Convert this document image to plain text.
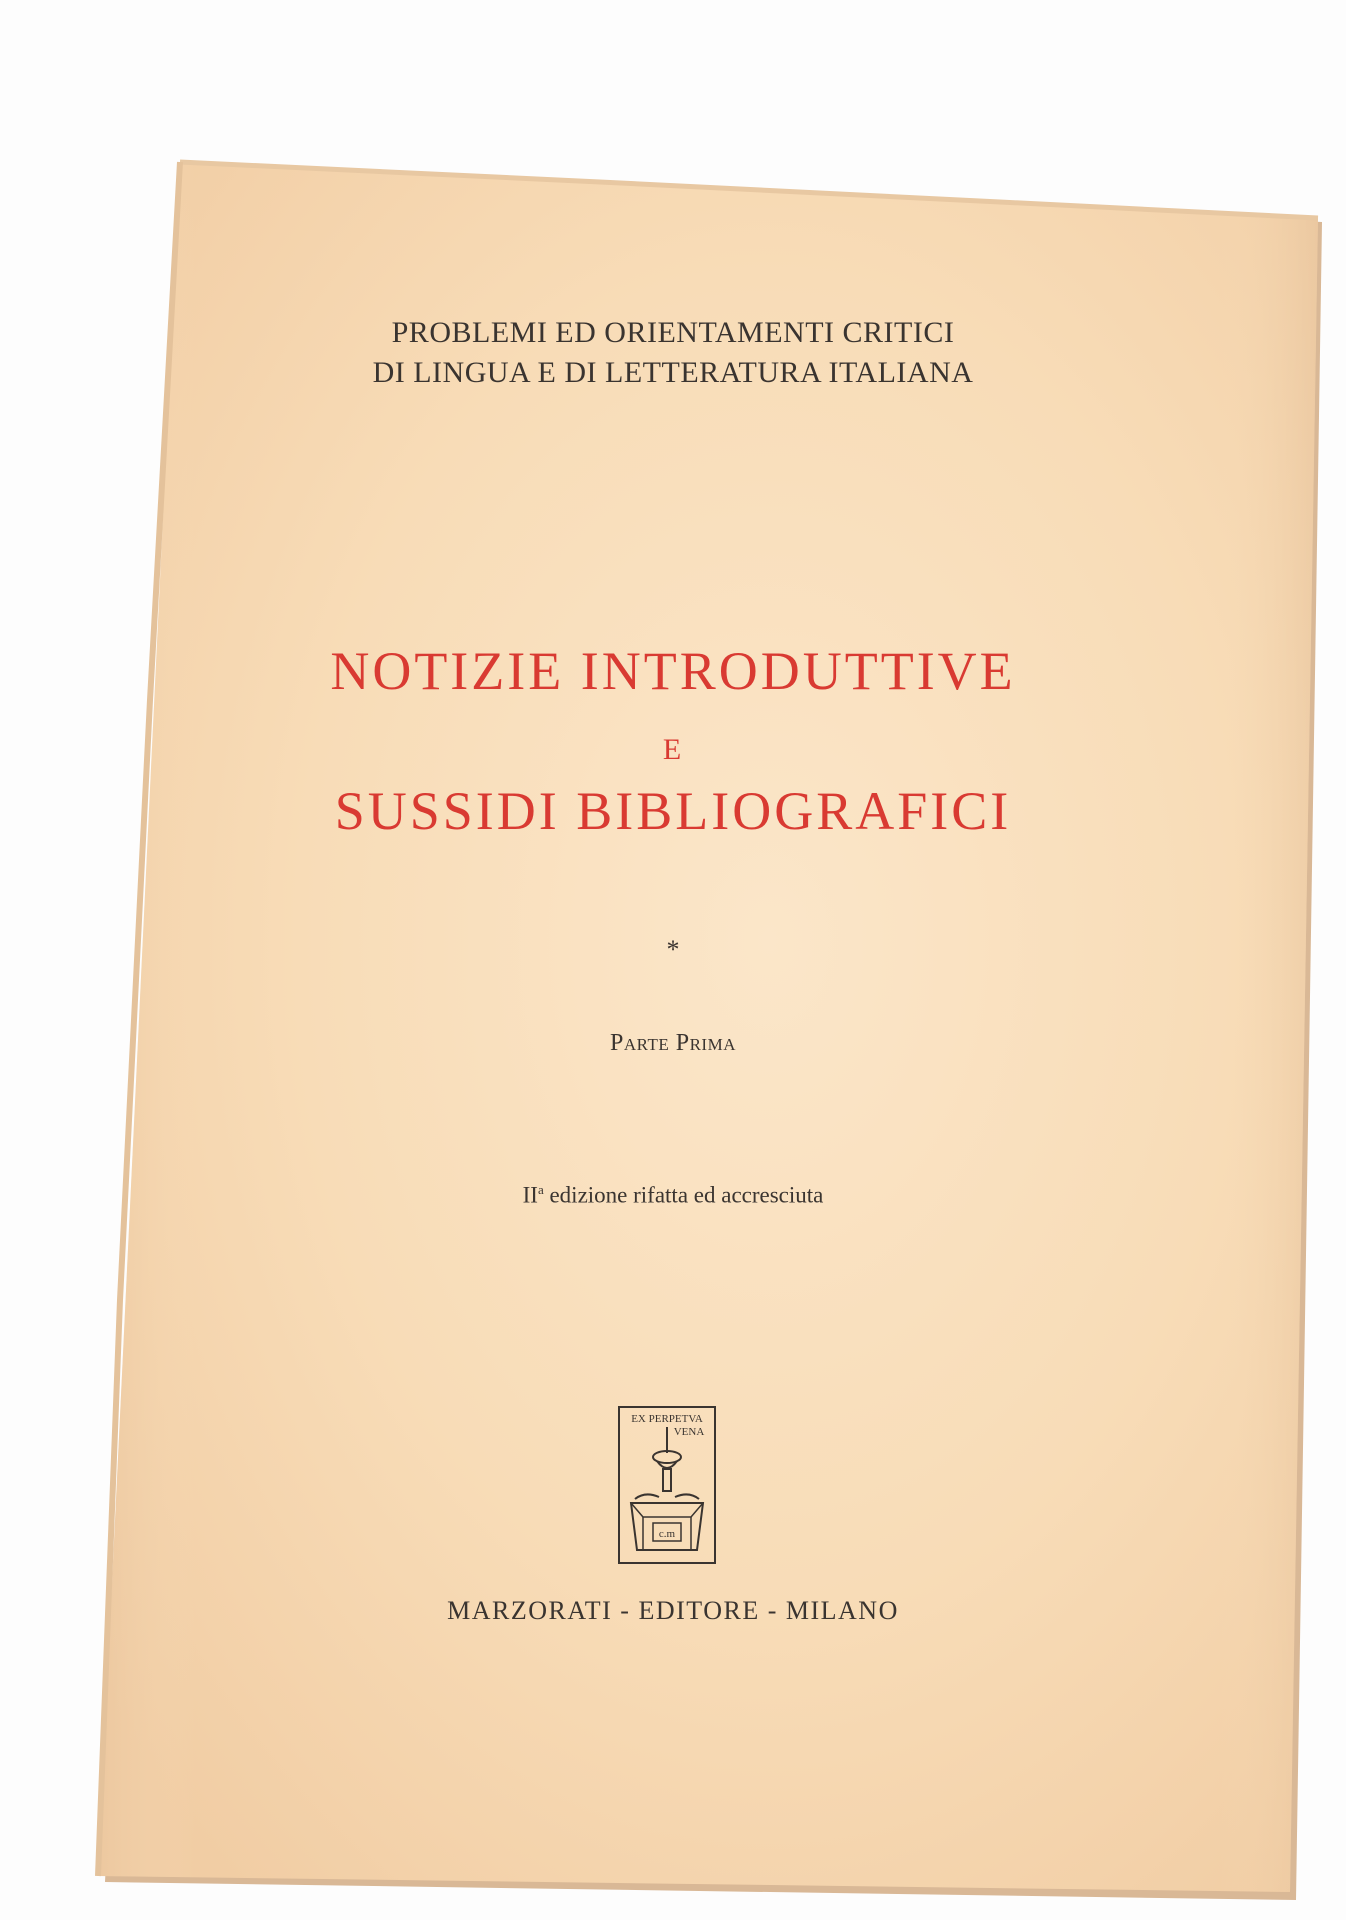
PROBLEMI ED ORIENTAMENTI CRITICI
DI LINGUA E DI LETTERATURA ITALIANA
NOTIZIE INTRODUTTIVE
E
SUSSIDI BIBLIOGRAFICI
*
Parte Prima
$II^a$ edizione rifatta ed accresciuta
EX PERPETVA
VENA
c.m
MARZORATI - EDITORE - MILANO
